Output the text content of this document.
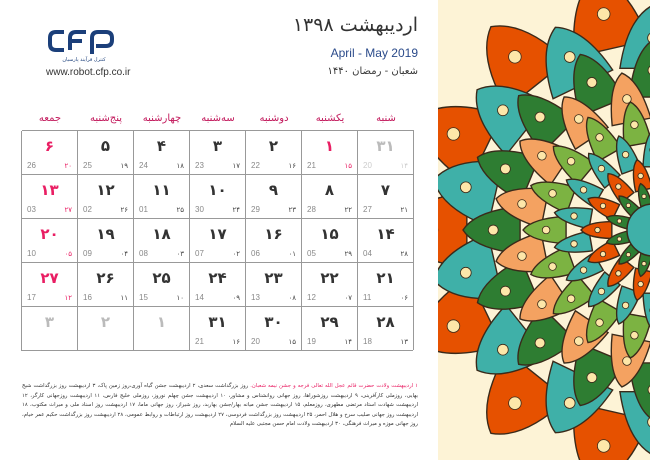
cfp
کنترل فرآیند پارسیان
www.robot.cfp.co.ir
اردیبهشت ۱۳۹۸
April - May 2019
شعبان - رمضان ۱۴۴۰
شنبه
یکشنبه
دوشنبه
سه‌شنبه
چهارشنبه
پنج‌شنبه
جمعه
۳۱
۱۴
20
۱
۱۵
21
۲
۱۶
22
۳
۱۷
23
۴
۱۸
24
۵
۱۹
25
۶
۲۰
26
۷
۲۱
27
۸
۲۲
28
۹
۲۳
29
۱۰
۲۴
30
۱۱
۲۵
01
۱۲
۲۶
02
۱۳
۲۷
03
۱۴
۲۸
04
۱۵
۲۹
05
۱۶
۰۱
06
۱۷
۰۲
07
۱۸
۰۳
08
۱۹
۰۴
09
۲۰
۰۵
10
۲۱
۰۶
11
۲۲
۰۷
12
۲۳
۰۸
13
۲۴
۰۹
14
۲۵
۱۰
15
۲۶
۱۱
16
۲۷
۱۲
17
۲۸
۱۳
18
۲۹
۱۴
19
۳۰
۱۵
20
۳۱
۱۶
21
۱
۲
۳
۱ اردیبهشت ولادت حضرت قائم عجل الله تعالی فرجه و جشن نیمه شعبان. روز بزرگداشت سعدی، ۲ اردیبهشت جشن گیاه آوری،روز زمین پاک، ۳ اردیبهشت روز بزرگداشت شیخ بهایی، روزملی کارآفرینی، ۹ اردیبهشت روزشوراها، روز جهانی روانشناس و مشاور، ۱۰ اردیبهشت جشن چهلم نوروز، روزملی خلیج فارس، ۱۱ اردیبهشت روزجهانی کارگر، ۱۲ اردیبهشت شهادت استاد مرتضی مطهری، روزمعلم، ۱۵ اردیبهشت جشن میانه بهار/جشن بهاربد، روز شیراز، روز جهانی ماما، ۱۷ اردیبهشت روز اسناد ملی و میراث مکتوب، ۱۸ اردیبهشت روز جهانی صلیب سرخ و هلال احمر، ۲۵ اردیبهشت روز بزرگداشت فردوسی، ۲۷ اردیبهشت روز ارتباطات و روابط عمومی، ۲۸ اردیبهشت روز بزرگداشت حکیم عمر خیام، روز جهانی موزه و میراث فرهنگی، ۳۰ اردیبهشت ولادت امام حسن مجتبی علیه السلام
